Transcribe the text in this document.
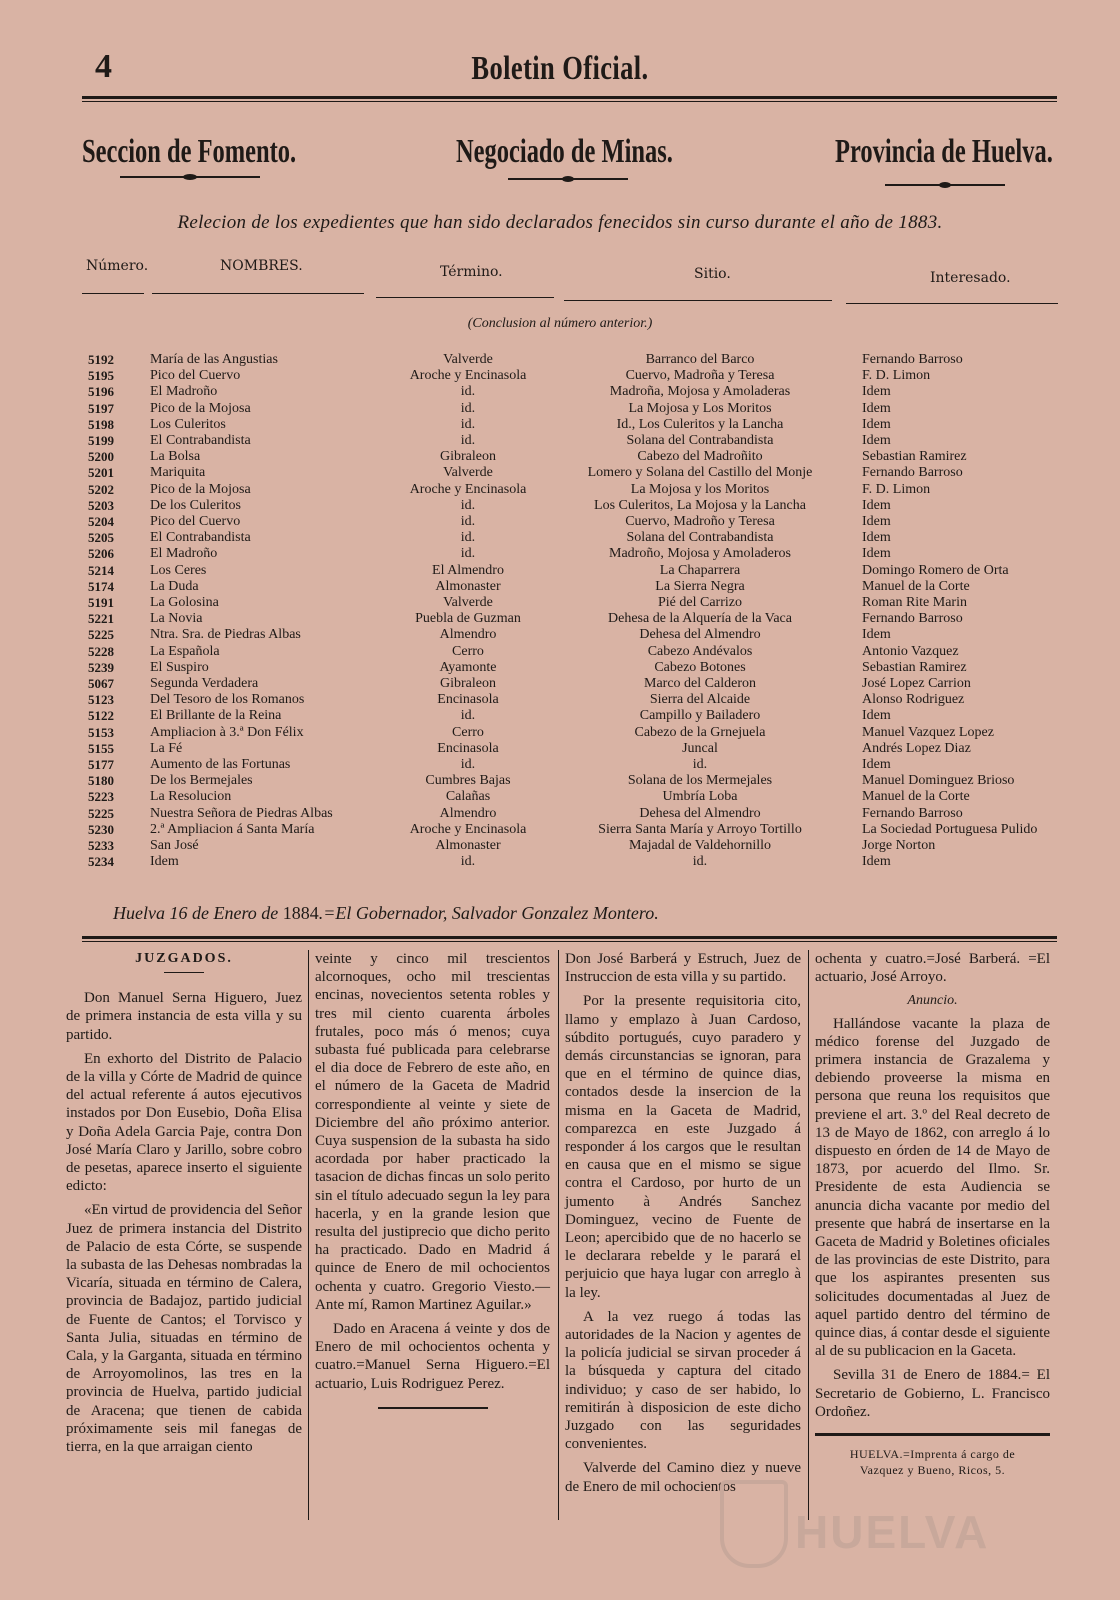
4	Boletin Oficial.
Seccion de Fomento.	Negociado de Minas.	Provincia de Huelva.
Relecion de los expedientes que han sido declarados fenecidos sin curso durante el año de 1883.
Número.	NOMBRES.	Término.	Sitio.	Interesado.
(Conclusion al número anterior.)
5192	María de las Angustias	Valverde	Barranco del Barco	Fernando Barroso
5195	Pico del Cuervo	Aroche y Encinasola	Cuervo, Madroña y Teresa	F. D. Limon
5196	El Madroño	id.	Madroña, Mojosa y Amoladeras	Idem
5197	Pico de la Mojosa	id.	La Mojosa y Los Moritos	Idem
5198	Los Culeritos	id.	Id., Los Culeritos y la Lancha	Idem
5199	El Contrabandista	id.	Solana del Contrabandista	Idem
5200	La Bolsa	Gibraleon	Cabezo del Madroñito	Sebastian Ramirez
5201	Mariquita	Valverde	Lomero y Solana del Castillo del Monje	Fernando Barroso
5202	Pico de la Mojosa	Aroche y Encinasola	La Mojosa y los Moritos	F. D. Limon
5203	De los Culeritos	id.	Los Culeritos, La Mojosa y la Lancha	Idem
5204	Pico del Cuervo	id.	Cuervo, Madroño y Teresa	Idem
5205	El Contrabandista	id.	Solana del Contrabandista	Idem
5206	El Madroño	id.	Madroño, Mojosa y Amoladeros	Idem
5214	Los Ceres	El Almendro	La Chaparrera	Domingo Romero de Orta
5174	La Duda	Almonaster	La Sierra Negra	Manuel de la Corte
5191	La Golosina	Valverde	Pié del Carrizo	Roman Rite Marin
5221	La Novia	Puebla de Guzman	Dehesa de la Alquería de la Vaca	Fernando Barroso
5225	Ntra. Sra. de Piedras Albas	Almendro	Dehesa del Almendro	Idem
5228	La Española	Cerro	Cabezo Andévalos	Antonio Vazquez
5239	El Suspiro	Ayamonte	Cabezo Botones	Sebastian Ramirez
5067	Segunda Verdadera	Gibraleon	Marco del Calderon	José Lopez Carrion
5123	Del Tesoro de los Romanos	Encinasola	Sierra del Alcaide	Alonso Rodriguez
5122	El Brillante de la Reina	id.	Campillo y Bailadero	Idem
5153	Ampliacion à 3.ª Don Félix	Cerro	Cabezo de la Grnejuela	Manuel Vazquez Lopez
5155	La Fé	Encinasola	Juncal	Andrés Lopez Diaz
5177	Aumento de las Fortunas	id.	id.	Idem
5180	De los Bermejales	Cumbres Bajas	Solana de los Mermejales	Manuel Dominguez Brioso
5223	La Resolucion	Calañas	Umbría Loba	Manuel de la Corte
5225	Nuestra Señora de Piedras Albas	Almendro	Dehesa del Almendro	Fernando Barroso
5230	2.ª Ampliacion á Santa María	Aroche y Encinasola	Sierra Santa María y Arroyo Tortillo	La Sociedad Portuguesa Pulido
5233	San José	Almonaster	Majadal de Valdehornillo	Jorge Norton
5234	Idem	id.	id.	Idem
Huelva 16 de Enero de 1884.=El Gobernador, Salvador Gonzalez Montero.
JUZGADOS.

Don Manuel Serna Higuero, Juez de primera instancia de esta villa y su partido.

En exhorto del Distrito de Palacio de la villa y Córte de Madrid de quince del actual referente á autos ejecutivos instados por Don Eusebio, Doña Elisa y Doña Adela Garcia Paje, contra Don José María Claro y Jarillo, sobre cobro de pesetas, aparece inserto el siguiente edicto:

«En virtud de providencia del Señor Juez de primera instancia del Distrito de Palacio de esta Córte, se suspende la subasta de las Dehesas nombradas la Vicaría, situada en término de Calera, provincia de Badajoz, partido judicial de Fuente de Cantos; el Torvisco y Santa Julia, situadas en término de Cala, y la Garganta, situada en término de Arroyomolinos, las tres en la provincia de Huelva, partido judicial de Aracena; que tienen de cabida próximamente seis mil fanegas de tierra, en la que arraigan ciento

veinte y cinco mil trescientos alcornoques, ocho mil trescientas encinas, novecientos setenta robles y tres mil ciento cuarenta árboles frutales, poco más ó menos; cuya subasta fué publicada para celebrarse el dia doce de Febrero de este año, en el número de la Gaceta de Madrid correspondiente al veinte y siete de Diciembre del año próximo anterior. Cuya suspension de la subasta ha sido acordada por haber practicado la tasacion de dichas fincas un solo perito sin el título adecuado segun la ley para hacerla, y en la grande lesion que resulta del justiprecio que dicho perito ha practicado. Dado en Madrid á quince de Enero de mil ochocientos ochenta y cuatro. Gregorio Viesto.—Ante mí, Ramon Martinez Aguilar.»

Dado en Aracena á veinte y dos de Enero de mil ochocientos ochenta y cuatro.=Manuel Serna Higuero.=El actuario, Luis Rodriguez Perez.

Don José Barberá y Estruch, Juez de Instruccion de esta villa y su partido.

Por la presente requisitoria cito, llamo y emplazo à Juan Cardoso, súbdito portugués, cuyo paradero y demás circunstancias se ignoran, para que en el término de quince dias, contados desde la insercion de la misma en la Gaceta de Madrid, comparezca en este Juzgado á responder á los cargos que le resultan en causa que en el mismo se sigue contra el Cardoso, por hurto de un jumento à Andrés Sanchez Dominguez, vecino de Fuente de Leon; apercibido que de no hacerlo se le declarara rebelde y le parará el perjuicio que haya lugar con arreglo à la ley.

A la vez ruego á todas las autoridades de la Nacion y agentes de la policía judicial se sirvan proceder á la búsqueda y captura del citado individuo; y caso de ser habido, lo remitirán à disposicion de este dicho Juzgado con las seguridades convenientes.

Valverde del Camino diez y nueve de Enero de mil ochocientos

ochenta y cuatro.=José Barberá. =El actuario, José Arroyo.

Anuncio.

Hallándose vacante la plaza de médico forense del Juzgado de primera instancia de Grazalema y debiendo proveerse la misma en persona que reuna los requisitos que previene el art. 3.º del Real decreto de 13 de Mayo de 1862, con arreglo á lo dispuesto en órden de 14 de Mayo de 1873, por acuerdo del Ilmo. Sr. Presidente de esta Audiencia se anuncia dicha vacante por medio del presente que habrá de insertarse en la Gaceta de Madrid y Boletines oficiales de las provincias de este Distrito, para que los aspirantes presenten sus solicitudes documentadas al Juez de aquel partido dentro del término de quince dias, á contar desde el siguiente al de su publicacion en la Gaceta.

Sevilla 31 de Enero de 1884.= El Secretario de Gobierno, L. Francisco Ordoñez.

HUELVA.=Imprenta á cargo de
Vazquez y Bueno, Ricos, 5.
HUELVA
